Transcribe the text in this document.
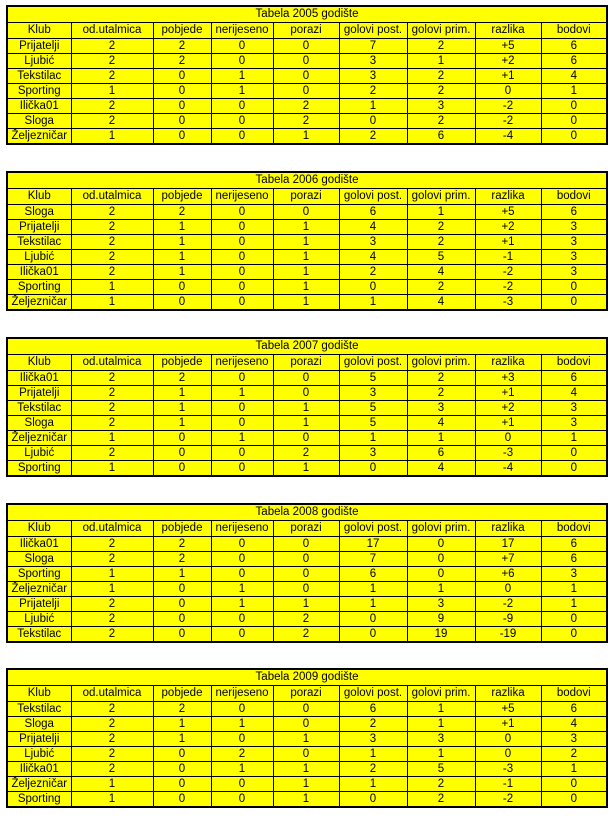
Tabela 2005 godište								
Klub	od.utalmica	pobjede	nerijeseno	porazi	golovi post.	golovi prim.	razlika	bodovi
Prijatelji	2	2	0	0	7	2	+5	6
Ljubić	2	2	0	0	3	1	+2	6
Tekstilac	2	0	1	0	3	2	+1	4
Sporting	1	0	1	0	2	2	0	1
Ilička01	2	0	0	2	1	3	-2	0
Sloga	2	0	0	2	0	2	-2	0
Željezničar	1	0	0	1	2	6	-4	0
Tabela 2006 godište								
Klub	od.utalmica	pobjede	nerijeseno	porazi	golovi post.	golovi prim.	razlika	bodovi
Sloga	2	2	0	0	6	1	+5	6
Prijatelji	2	1	0	1	4	2	+2	3
Tekstilac	2	1	0	1	3	2	+1	3
Ljubić	2	1	0	1	4	5	-1	3
Ilička01	2	1	0	1	2	4	-2	3
Sporting	1	0	0	1	0	2	-2	0
Željezničar	1	0	0	1	1	4	-3	0
Tabela 2007 godište								
Klub	od.utalmica	pobjede	nerijeseno	porazi	golovi post.	golovi prim.	razlika	bodovi
Ilička01	2	2	0	0	5	2	+3	6
Prijatelji	2	1	1	0	3	2	+1	4
Tekstilac	2	1	0	1	5	3	+2	3
Sloga	2	1	0	1	5	4	+1	3
Željezničar	1	0	1	0	1	1	0	1
Ljubić	2	0	0	2	3	6	-3	0
Sporting	1	0	0	1	0	4	-4	0
Tabela 2008 godište								
Klub	od.utalmica	pobjede	nerijeseno	porazi	golovi post.	golovi prim.	razlika	bodovi
Ilička01	2	2	0	0	17	0	17	6
Sloga	2	2	0	0	7	0	+7	6
Sporting	1	1	0	0	6	0	+6	3
Željezničar	1	0	1	0	1	1	0	1
Prijatelji	2	0	1	1	1	3	-2	1
Ljubić	2	0	0	2	0	9	-9	0
Tekstilac	2	0	0	2	0	19	-19	0
Tabela 2009 godište								
Klub	od.utalmica	pobjede	nerijeseno	porazi	golovi post.	golovi prim.	razlika	bodovi
Tekstilac	2	2	0	0	6	1	+5	6
Sloga	2	1	1	0	2	1	+1	4
Prijatelji	2	1	0	1	3	3	0	3
Ljubić	2	0	2	0	1	1	0	2
Ilička01	2	0	1	1	2	5	-3	1
Željezničar	1	0	0	1	1	2	-1	0
Sporting	1	0	0	1	0	2	-2	0
